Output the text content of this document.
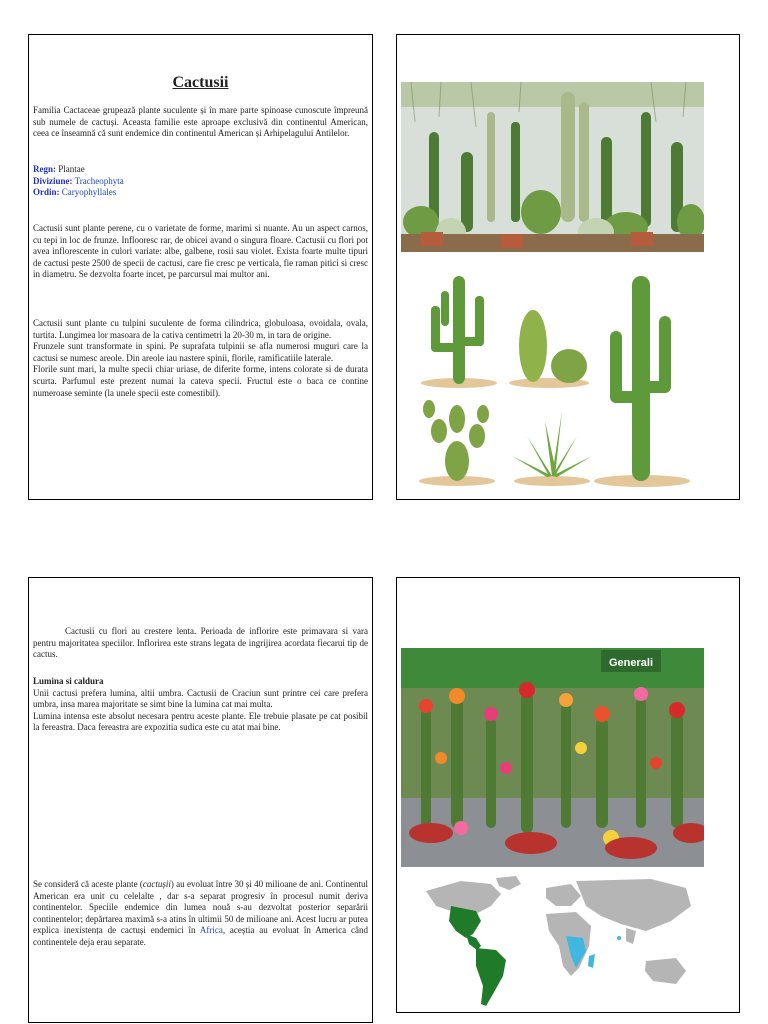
Cactusii

Familia Cactaceae grupează plante suculente și în mare parte spinoase cunoscute împreună sub numele de cactuși. Aceasta familie este aproape exclusivă din continentul American, ceea ce înseamnă că sunt endemice din continentul American și Arhipelagului Antilelor.

Regn: Plantae
Diviziune: Tracheophyta
Ordin: Caryophyllales

Cactusii sunt plante perene, cu o varietate de forme, marimi si nuante. Au un aspect carnos, cu tepi in loc de frunze. Inflooresc rar, de obicei avand o singura floare. Cactusii cu flori pot avea inflorescente in culori variate: albe, galbene, rosii sau violet. Exista foarte multe tipuri de cactusi peste 2500 de specii de cactusi, care fie cresc pe verticala, fie raman pitici si cresc in diametru. Se dezvolta foarte incet, pe parcursul mai multor ani.

Cactusii sunt plante cu tulpini suculente de forma cilindrica, globuloasa, ovoidala, ovala, turtita. Lungimea lor masoara de la cativa centimetri la 20-30 m, in tara de origine.
Frunzele sunt transformate in spini. Pe suprafata tulpinii se afla numerosi muguri care la cactusi se numesc areole. Din areole iau nastere spinii, florile, ramificatiile laterale.
Florile sunt mari, la multe specii chiar uriase, de diferite forme, intens colorate si de durata scurta. Parfumul este prezent numai la cateva specii. Fructul este o baca ce contine numeroase seminte (la unele specii este comestibil).

Cactusii cu flori au crestere lenta. Perioada de inflorire este primavara si vara pentru majoritatea speciilor. Inflorirea este strans legata de ingrijirea acordata fiecarui tip de cactus.

Lumina si caldura
Unii cactusi prefera lumina, altii umbra. Cactusii de Craciun sunt printre cei care prefera umbra, insa marea majoritate se simt bine la lumina cat mai multa.
Lumina intensa este absolut necesara pentru aceste plante. Ele trebuie plasate pe cat posibil la fereastra. Daca fereastra are expozitia sudica este cu atat mai bine.

Se consideră că aceste plante (cactușii) au evoluat între 30 și 40 milioane de ani. Continentul American era unit cu celelalte , dar s-a separat progresiv în procesul numit deriva continentelor. Speciile endemice din lumea nouă s-au dezvoltat posterior separării continentelor; depărtarea maximă s-a atins în ultimii 50 de milioane ani. Acest lucru ar putea explica inexistența de cactuși endemici în Africa, aceștia au evoluat în America când continentele deja erau separate.

Generali
